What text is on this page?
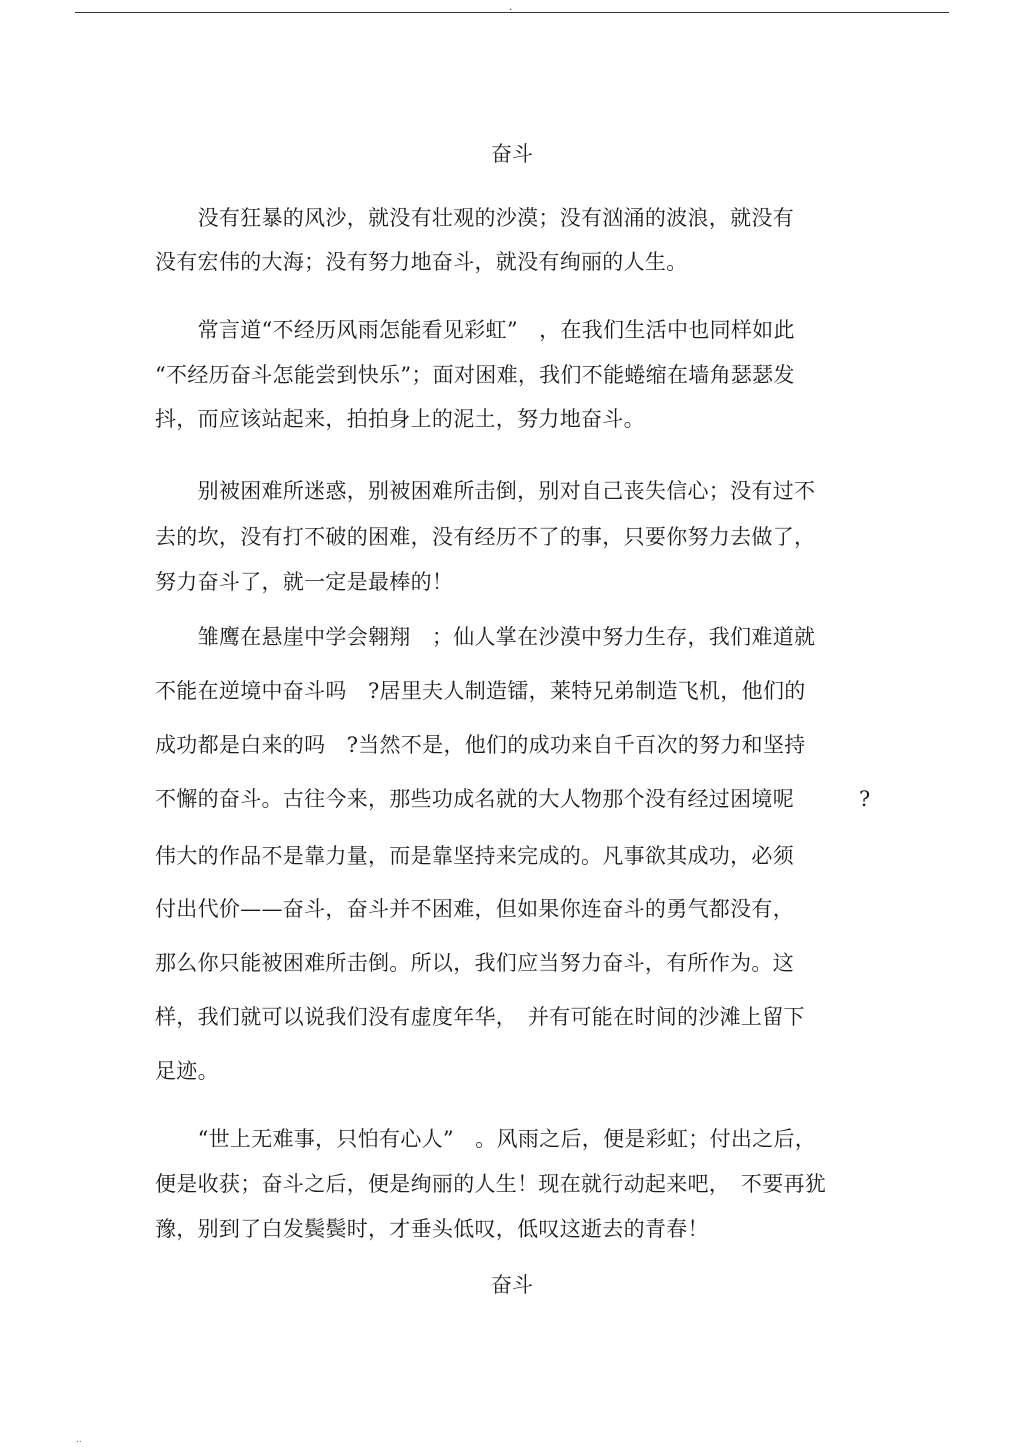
.
奋斗
　　没有狂暴的风沙，就没有壮观的沙漠；没有汹涌的波浪，就没有
没有宏伟的大海；没有努力地奋斗，就没有绚丽的人生。
　　常言道“不经历风雨怎能看见彩虹”　，在我们生活中也同样如此
“不经历奋斗怎能尝到快乐”；面对困难，我们不能蜷缩在墙角瑟瑟发
抖，而应该站起来，拍拍身上的泥土，努力地奋斗。
　　别被困难所迷惑，别被困难所击倒，别对自己丧失信心；没有过不
去的坎，没有打不破的困难，没有经历不了的事，只要你努力去做了，
努力奋斗了，就一定是最棒的！
　　雏鹰在悬崖中学会翱翔　；仙人掌在沙漠中努力生存，我们难道就
不能在逆境中奋斗吗　?居里夫人制造镭，莱特兄弟制造飞机，他们的
成功都是白来的吗　?当然不是，他们的成功来自千百次的努力和坚持
不懈的奋斗。古往今来，那些功成名就的大人物那个没有经过困境呢	?
伟大的作品不是靠力量，而是靠坚持来完成的。凡事欲其成功，必须
付出代价——奋斗，奋斗并不困难，但如果你连奋斗的勇气都没有，
那么你只能被困难所击倒。所以，我们应当努力奋斗，有所作为。这
样，我们就可以说我们没有虚度年华，　并有可能在时间的沙滩上留下
足迹。
　　“世上无难事，只怕有心人”　。风雨之后，便是彩虹；付出之后，
便是收获；奋斗之后，便是绚丽的人生！现在就行动起来吧，　不要再犹
豫，别到了白发鬓鬓时，才垂头低叹，低叹这逝去的青春！
奋斗
..
